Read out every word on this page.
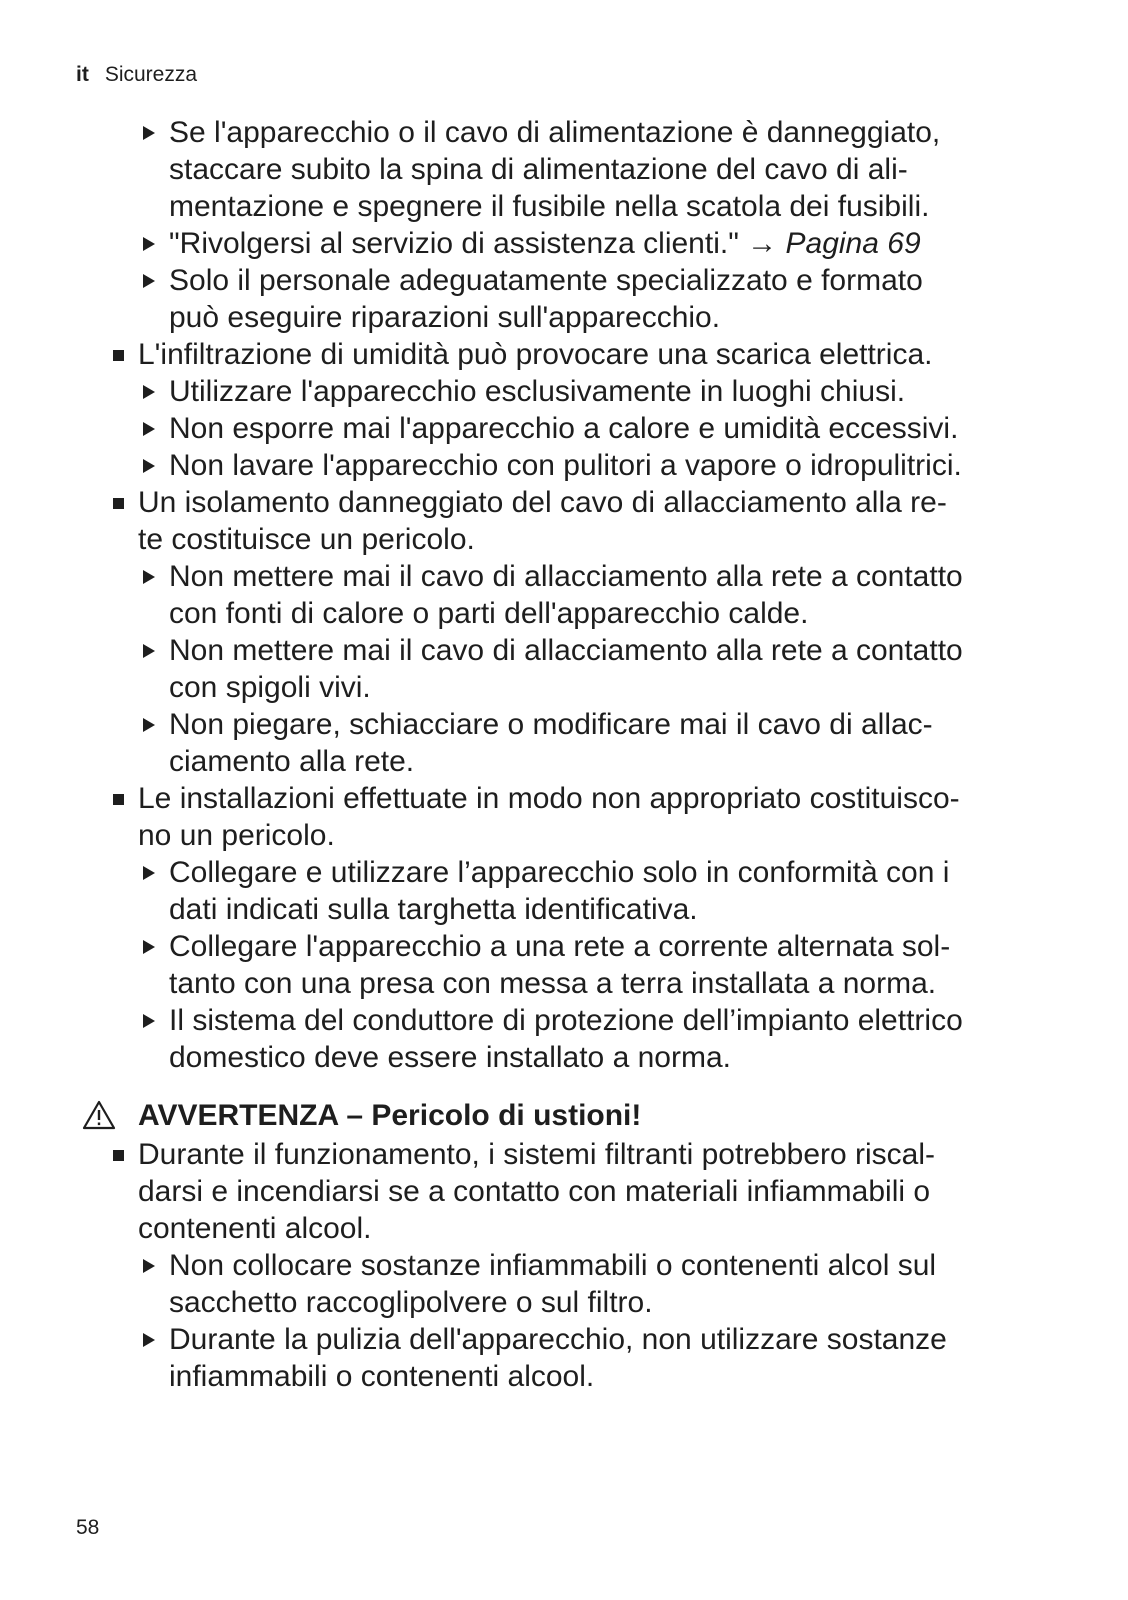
it Sicurezza
Se l'apparecchio o il cavo di alimentazione è danneggiato,
staccare subito la spina di alimentazione del cavo di ali-
mentazione e spegnere il fusibile nella scatola dei fusibili.
"Rivolgersi al servizio di assistenza clienti." → Pagina 69
Solo il personale adeguatamente specializzato e formato
può eseguire riparazioni sull'apparecchio.
L'infiltrazione di umidità può provocare una scarica elettrica.
Utilizzare l'apparecchio esclusivamente in luoghi chiusi.
Non esporre mai l'apparecchio a calore e umidità eccessivi.
Non lavare l'apparecchio con pulitori a vapore o idropulitrici.
Un isolamento danneggiato del cavo di allacciamento alla re-
te costituisce un pericolo.
Non mettere mai il cavo di allacciamento alla rete a contatto
con fonti di calore o parti dell'apparecchio calde.
Non mettere mai il cavo di allacciamento alla rete a contatto
con spigoli vivi.
Non piegare, schiacciare o modificare mai il cavo di allac-
ciamento alla rete.
Le installazioni effettuate in modo non appropriato costituisco-
no un pericolo.
Collegare e utilizzare l’apparecchio solo in conformità con i
dati indicati sulla targhetta identificativa.
Collegare l'apparecchio a una rete a corrente alternata sol-
tanto con una presa con messa a terra installata a norma.
Il sistema del conduttore di protezione dell’impianto elettrico
domestico deve essere installato a norma.
AVVERTENZA – Pericolo di ustioni!
Durante il funzionamento, i sistemi filtranti potrebbero riscal-
darsi e incendiarsi se a contatto con materiali infiammabili o
contenenti alcool.
Non collocare sostanze infiammabili o contenenti alcol sul
sacchetto raccoglipolvere o sul filtro.
Durante la pulizia dell'apparecchio, non utilizzare sostanze
infiammabili o contenenti alcool.
58
